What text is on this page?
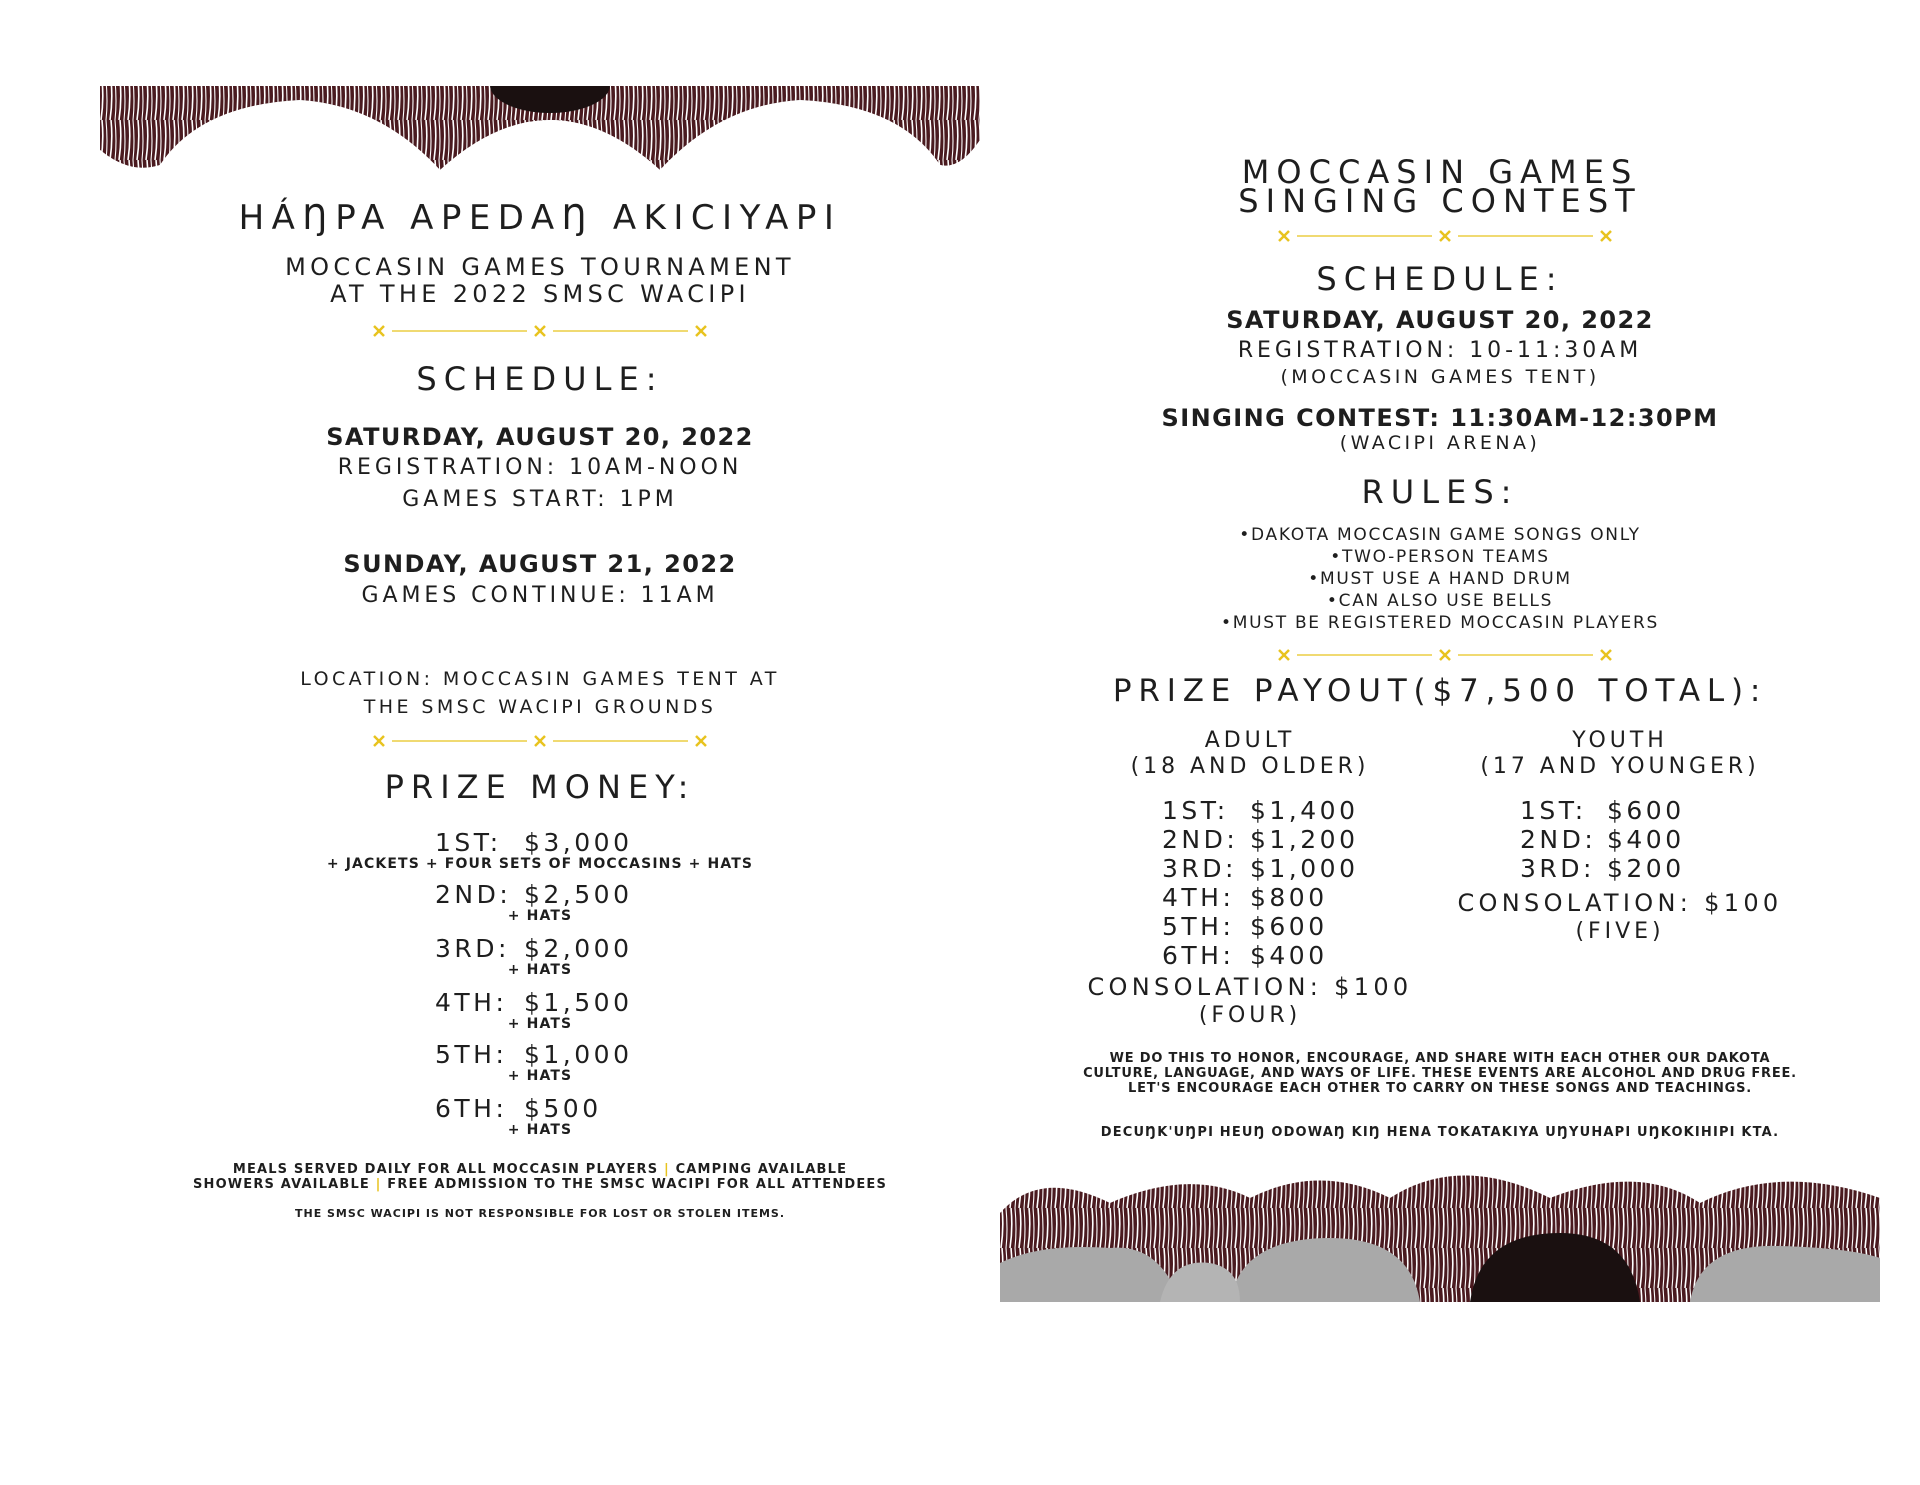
HÁŊPA APEDAŊ AKICIYAPI
MOCCASIN GAMES TOURNAMENT
AT THE 2022 SMSC WACIPI
SCHEDULE:
SATURDAY, AUGUST 20, 2022
REGISTRATION: 10AM-NOON
GAMES START: 1PM
SUNDAY, AUGUST 21, 2022
GAMES CONTINUE: 11AM
LOCATION: MOCCASIN GAMES TENT AT
THE SMSC WACIPI GROUNDS
PRIZE MONEY:
1ST: $3,000
+ JACKETS + FOUR SETS OF MOCCASINS + HATS
2ND: $2,500
+ HATS
3RD: $2,000
+ HATS
4TH: $1,500
+ HATS
5TH: $1,000
+ HATS
6TH: $500
+ HATS
MEALS SERVED DAILY FOR ALL MOCCASIN PLAYERS | CAMPING AVAILABLE
SHOWERS AVAILABLE | FREE ADMISSION TO THE SMSC WACIPI FOR ALL ATTENDEES
THE SMSC WACIPI IS NOT RESPONSIBLE FOR LOST OR STOLEN ITEMS.
MOCCASIN GAMES
SINGING CONTEST
SCHEDULE:
SATURDAY, AUGUST 20, 2022
REGISTRATION: 10-11:30AM
(MOCCASIN GAMES TENT)
SINGING CONTEST: 11:30AM-12:30PM
(WACIPI ARENA)
RULES:
•DAKOTA MOCCASIN GAME SONGS ONLY
•TWO-PERSON TEAMS
•MUST USE A HAND DRUM
•CAN ALSO USE BELLS
•MUST BE REGISTERED MOCCASIN PLAYERS
PRIZE PAYOUT($7,500 TOTAL):
ADULT
(18 AND OLDER)
1ST: $1,400
2ND: $1,200
3RD: $1,000
4TH: $800
5TH: $600
6TH: $400
CONSOLATION: $100
(FOUR)
YOUTH
(17 AND YOUNGER)
1ST: $600
2ND: $400
3RD: $200
CONSOLATION: $100
(FIVE)
WE DO THIS TO HONOR, ENCOURAGE, AND SHARE WITH EACH OTHER OUR DAKOTA CULTURE, LANGUAGE, AND WAYS OF LIFE. THESE EVENTS ARE ALCOHOL AND DRUG FREE. LET'S ENCOURAGE EACH OTHER TO CARRY ON THESE SONGS AND TEACHINGS.
DECUŊK'UŊPI HEUŊ ODOWAŊ KIŊ HENA TOKATAKIYA UŊYUHAPI UŊKOKIHIPI KTA.
